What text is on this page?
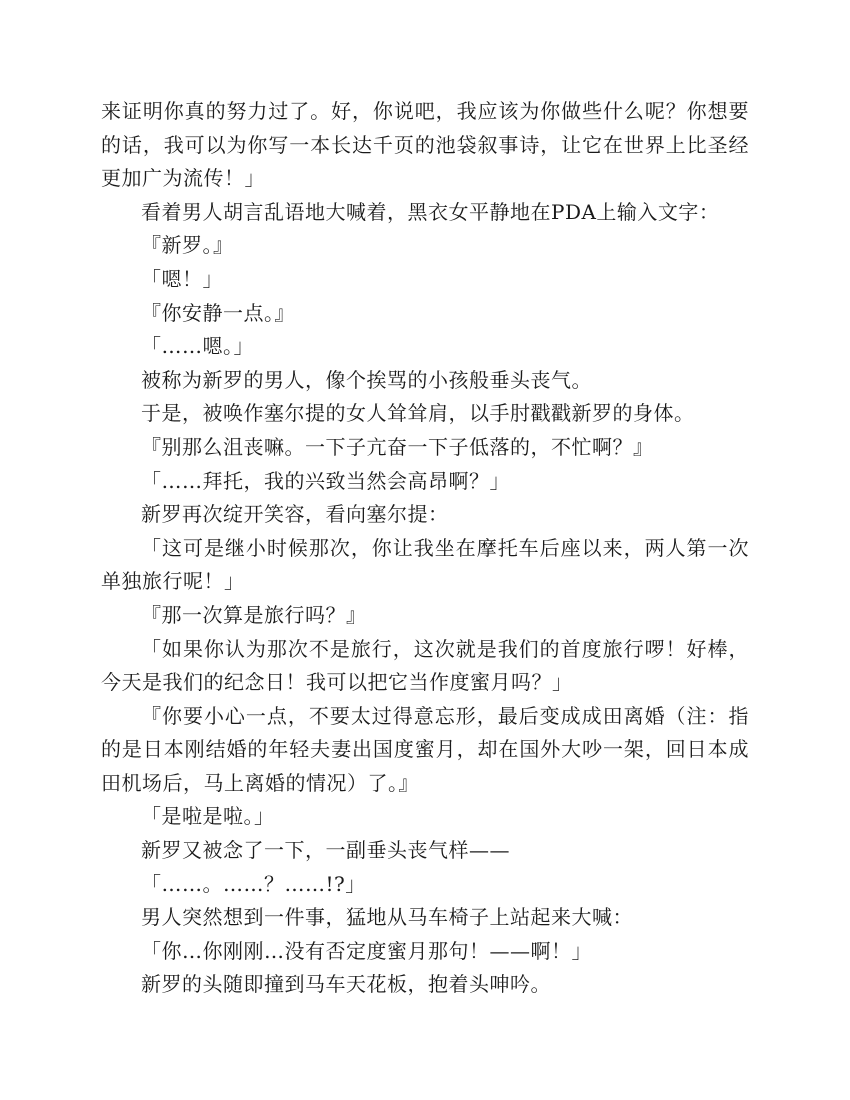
来证明你真的努力过了。好，你说吧，我应该为你做些什么呢？你想要的话，我可以为你写一本长达千页的池袋叙事诗，让它在世界上比圣经更加广为流传！」

看着男人胡言乱语地大喊着，黑衣女平静地在PDA上输入文字：

『新罗。』

「嗯！」

『你安静一点。』

「……嗯。」

被称为新罗的男人，像个挨骂的小孩般垂头丧气。

于是，被唤作塞尔提的女人耸耸肩，以手肘戳戳新罗的身体。

『别那么沮丧嘛。一下子亢奋一下子低落的，不忙啊？』

「……拜托，我的兴致当然会高昂啊？」

新罗再次绽开笑容，看向塞尔提：

「这可是继小时候那次，你让我坐在摩托车后座以来，两人第一次单独旅行呢！」

『那一次算是旅行吗？』

「如果你认为那次不是旅行，这次就是我们的首度旅行啰！好棒，今天是我们的纪念日！我可以把它当作度蜜月吗？」

『你要小心一点，不要太过得意忘形，最后变成成田离婚（注：指的是日本刚结婚的年轻夫妻出国度蜜月，却在国外大吵一架，回日本成田机场后，马上离婚的情况）了。』

「是啦是啦。」

新罗又被念了一下，一副垂头丧气样——

「……。……？……!?」

男人突然想到一件事，猛地从马车椅子上站起来大喊：

「你…你刚刚…没有否定度蜜月那句！——啊！」

新罗的头随即撞到马车天花板，抱着头呻吟。
